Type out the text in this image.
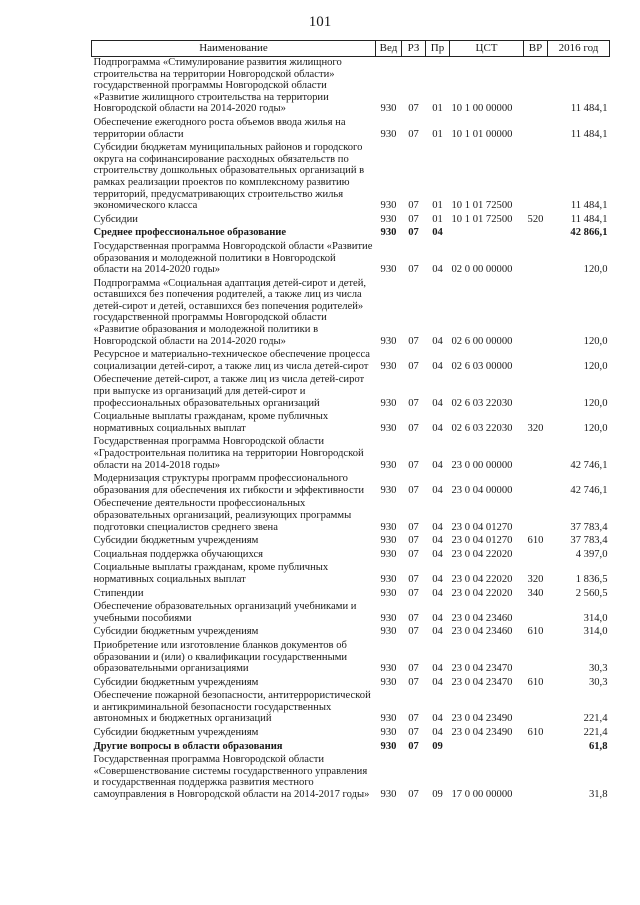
101
Наименование	Вед	РЗ	Пр	ЦСТ	ВР	2016 год
Подпрограмма «Стимулирование развития жилищного строительства на территории Новгородской области» государственной программы Новгородской области «Развитие жилищного строительства на территории Новгородской области на 2014-2020 годы»	930	07	01	10 1 00 00000		11 484,1
Обеспечение ежегодного роста объемов ввода жилья на территории области	930	07	01	10 1 01 00000		11 484,1
Субсидии бюджетам муниципальных районов и городского округа на софинансирование расходных обязательств по строительству дошкольных образовательных организаций в рамках реализации проектов по комплексному развитию территорий, предусматривающих строительство жилья экономического класса	930	07	01	10 1 01 72500		11 484,1
Субсидии	930	07	01	10 1 01 72500	520	11 484,1
Среднее профессиональное образование	930	07	04			42 866,1
Государственная программа Новгородской области «Развитие образования и молодежной политики в Новгородской области на 2014-2020 годы»	930	07	04	02 0 00 00000		120,0
Подпрограмма «Социальная адаптация детей-сирот и детей, оставшихся без попечения родителей, а также лиц из числа детей-сирот и детей, оставшихся без попечения родителей» государственной программы Новгородской области «Развитие образования и молодежной политики в Новгородской области на 2014-2020 годы»	930	07	04	02 6 00 00000		120,0
Ресурсное и материально-техническое обеспечение процесса социализации детей-сирот, а также лиц из числа детей-сирот	930	07	04	02 6 03 00000		120,0
Обеспечение детей-сирот, а также лиц из числа детей-сирот при выпуске из организаций для детей-сирот и профессиональных образовательных организаций	930	07	04	02 6 03 22030		120,0
Социальные выплаты гражданам, кроме публичных нормативных социальных выплат	930	07	04	02 6 03 22030	320	120,0
Государственная программа Новгородской области «Градостроительная политика на территории Новгородской области на 2014-2018 годы»	930	07	04	23 0 00 00000		42 746,1
Модернизация структуры программ профессионального образования для обеспечения их гибкости и эффективности	930	07	04	23 0 04 00000		42 746,1
Обеспечение деятельности профессиональных образовательных организаций, реализующих программы подготовки специалистов среднего звена	930	07	04	23 0 04 01270		37 783,4
Субсидии бюджетным учреждениям	930	07	04	23 0 04 01270	610	37 783,4
Социальная поддержка обучающихся	930	07	04	23 0 04 22020		4 397,0
Социальные выплаты гражданам, кроме публичных нормативных социальных выплат	930	07	04	23 0 04 22020	320	1 836,5
Стипендии	930	07	04	23 0 04 22020	340	2 560,5
Обеспечение образовательных организаций учебниками и учебными пособиями	930	07	04	23 0 04 23460		314,0
Субсидии бюджетным учреждениям	930	07	04	23 0 04 23460	610	314,0
Приобретение или изготовление бланков документов об образовании и (или) о квалификации государственными образовательными организациями	930	07	04	23 0 04 23470		30,3
Субсидии бюджетным учреждениям	930	07	04	23 0 04 23470	610	30,3
Обеспечение пожарной безопасности, антитеррористической и антикриминальной безопасности государственных автономных и бюджетных организаций	930	07	04	23 0 04 23490		221,4
Субсидии бюджетным учреждениям	930	07	04	23 0 04 23490	610	221,4
Другие вопросы в области образования	930	07	09			61,8
Государственная программа Новгородской области «Совершенствование системы государственного управления и государственная поддержка развития местного самоуправления в Новгородской области на 2014-2017 годы»	930	07	09	17 0 00 00000		31,8
